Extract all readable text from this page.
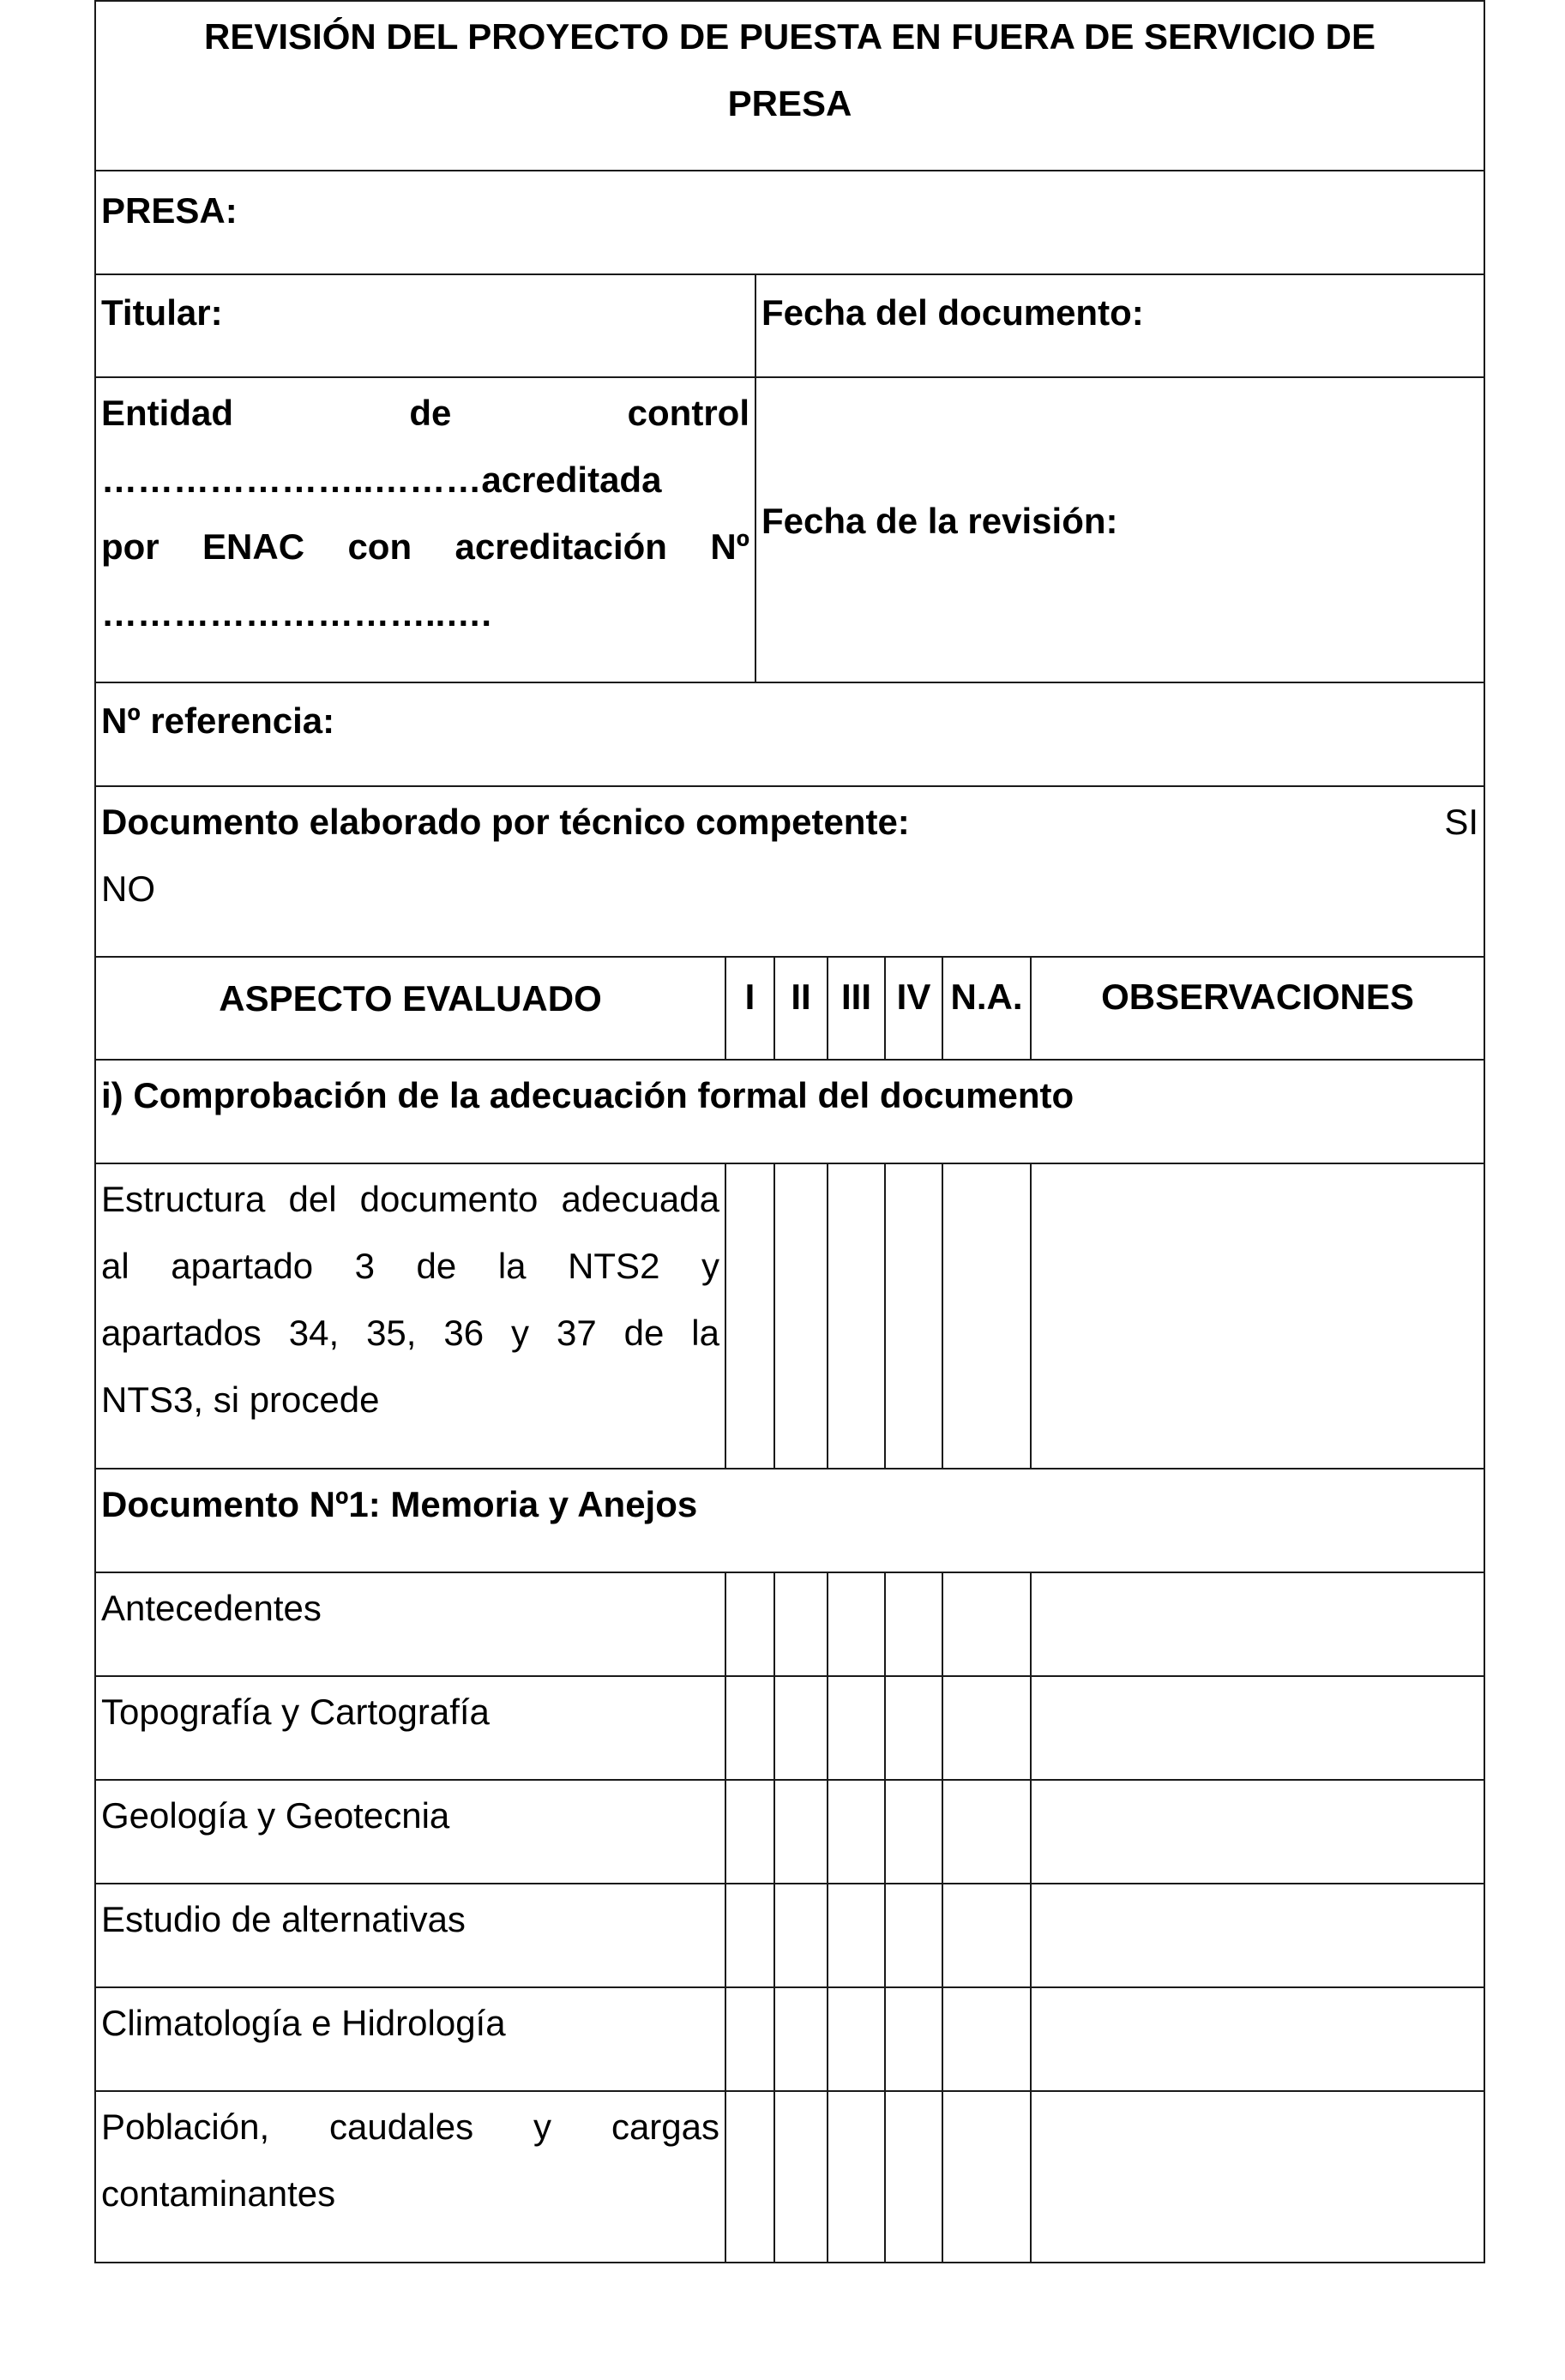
REVISIÓN DEL PROYECTO DE PUESTA EN FUERA DE SERVICIO DE
PRESA
PRESA:
Titular:	Fecha del documento:
Entidad de control
…………………..………acreditada
por ENAC con acreditación Nº
………………………..….
Fecha de la revisión:
Nº referencia:
Documento elaborado por técnico competente:	SI

NO
ASPECTO EVALUADO	I	II III IV N.A.	OBSERVACIONES
i) Comprobación de la adecuación formal del documento
Estructura del documento adecuada
al apartado 3 de la NTS2 y
apartados 34, 35, 36 y 37 de la
NTS3, si procede
Documento Nº1: Memoria y Anejos
Antecedentes
Topografía y Cartografía
Geología y Geotecnia
Estudio de alternativas
Climatología e Hidrología
Población, caudales y cargas
contaminantes
